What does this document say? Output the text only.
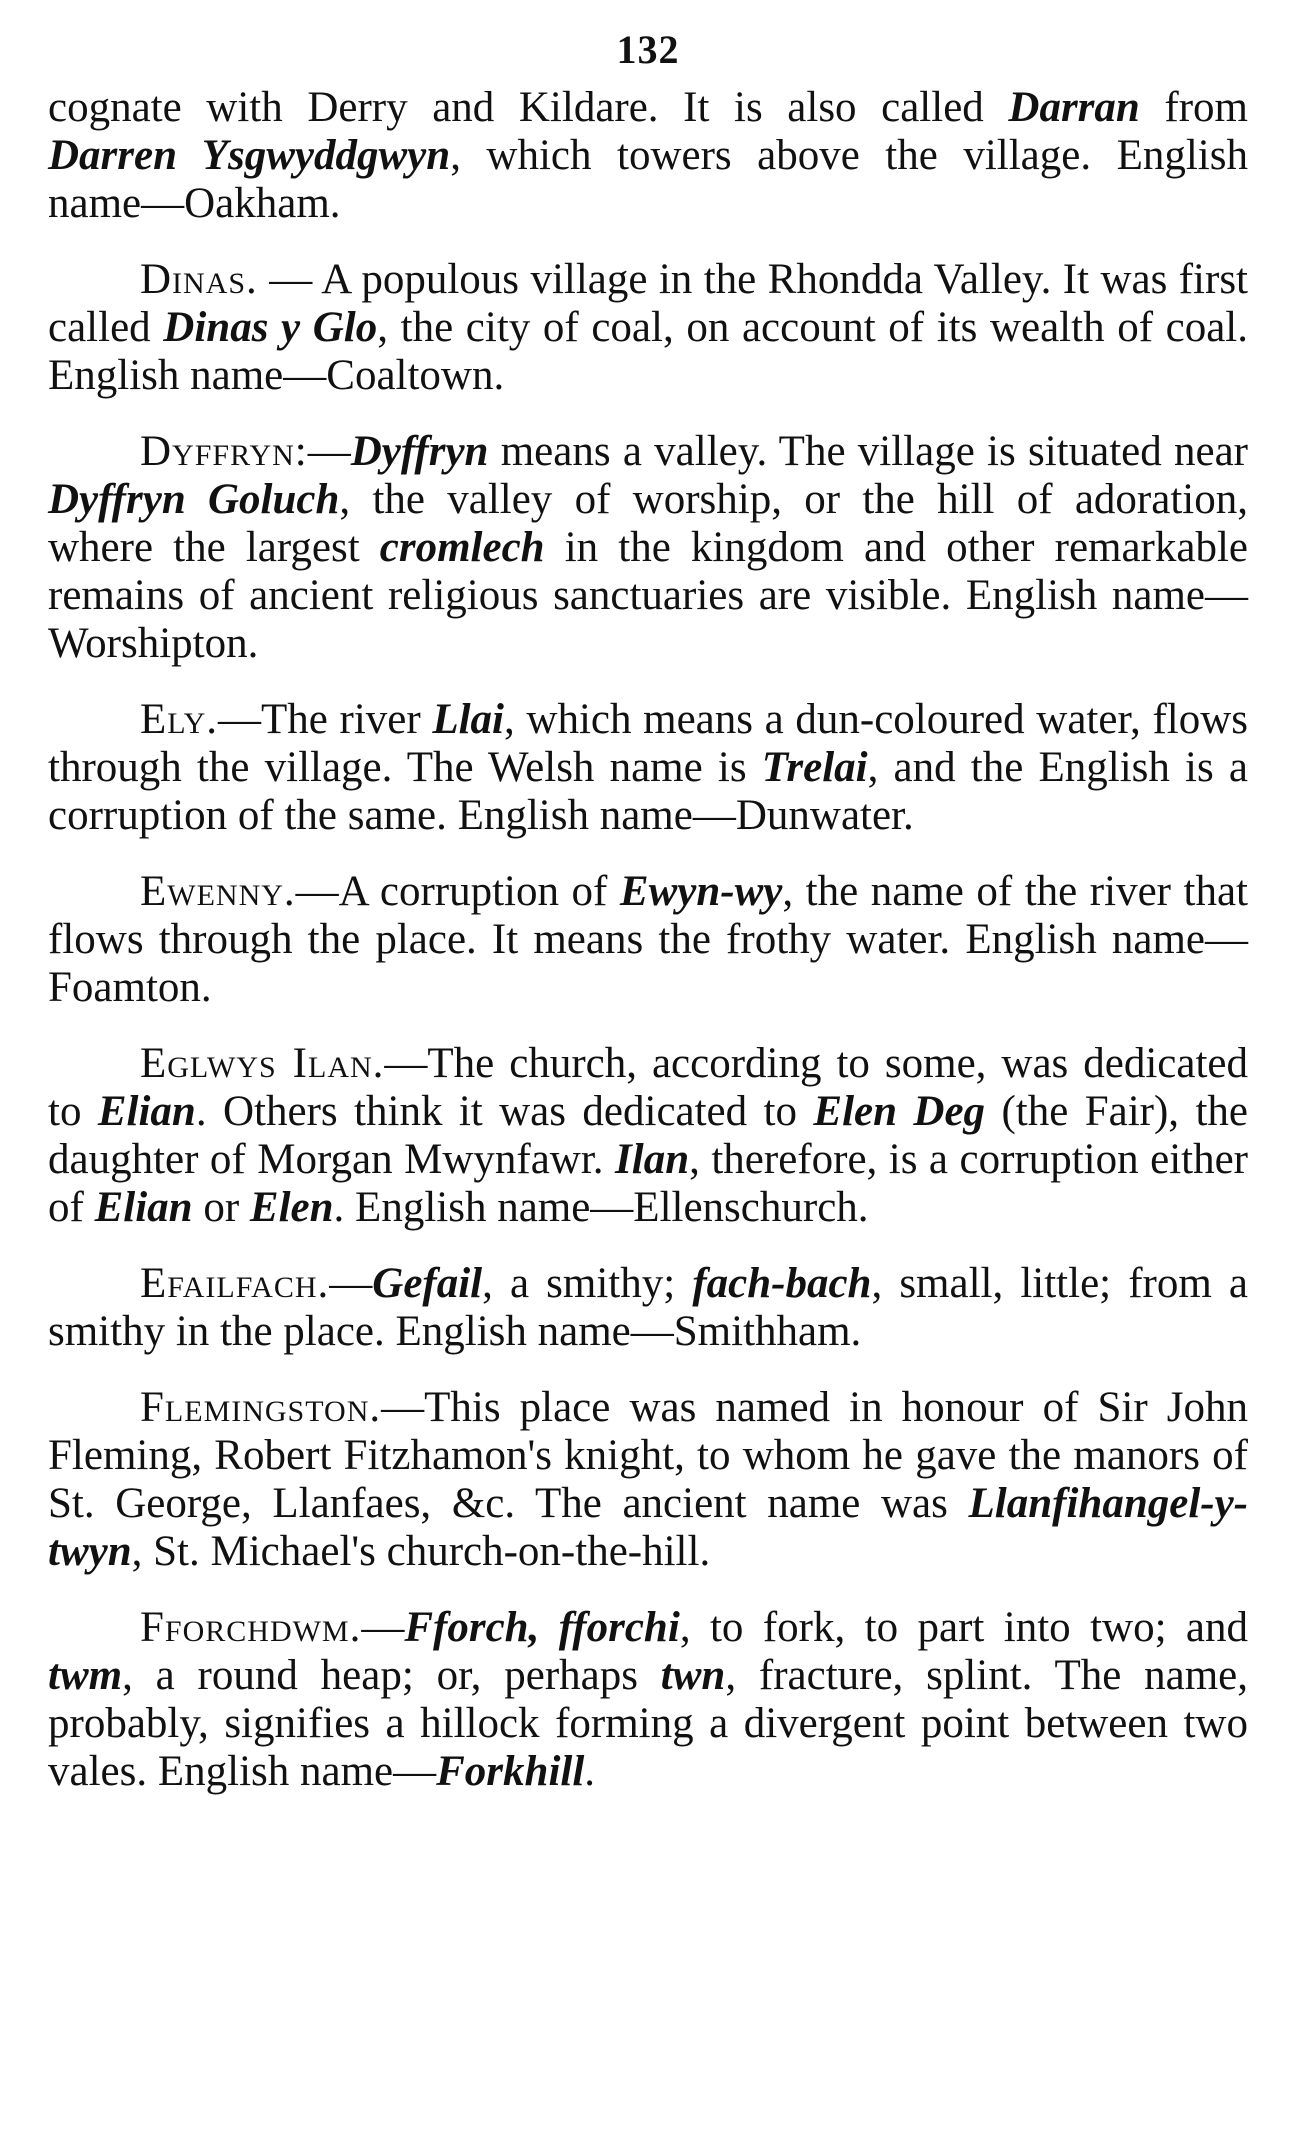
132

cognate with Derry and Kildare. It is also called Darran from Darren Ysgwyddgwyn, which towers above the village. English name—Oakham.

Dinas. — A populous village in the Rhondda Valley. It was first called Dinas y Glo, the city of coal, on account of its wealth of coal. English name—Coaltown.

Dyffryn:—Dyffryn means a valley. The village is situated near Dyffryn Goluch, the valley of worship, or the hill of adoration, where the largest cromlech in the kingdom and other remarkable remains of ancient religious sanctuaries are visible. English name—Worshipton.

Ely.—The river Llai, which means a dun-coloured water, flows through the village. The Welsh name is Trelai, and the English is a corruption of the same. English name—Dunwater.

Ewenny.—A corruption of Ewyn-wy, the name of the river that flows through the place. It means the frothy water. English name—Foamton.

Eglwys Ilan.—The church, according to some, was dedicated to Elian. Others think it was dedicated to Elen Deg (the Fair), the daughter of Morgan Mwynfawr. Ilan, therefore, is a corruption either of Elian or Elen. English name—Ellenschurch.

Efailfach.—Gefail, a smithy; fach-bach, small, little; from a smithy in the place. English name—Smithham.

Flemingston.—This place was named in honour of Sir John Fleming, Robert Fitzhamon's knight, to whom he gave the manors of St. George, Llanfaes, &c. The ancient name was Llanfihangel-y-twyn, St. Michael's church-on-the-hill.

Fforchdwm.—Fforch, fforchi, to fork, to part into two; and twm, a round heap; or, perhaps twn, fracture, splint. The name, probably, signifies a hillock forming a divergent point between two vales. English name—Forkhill.
